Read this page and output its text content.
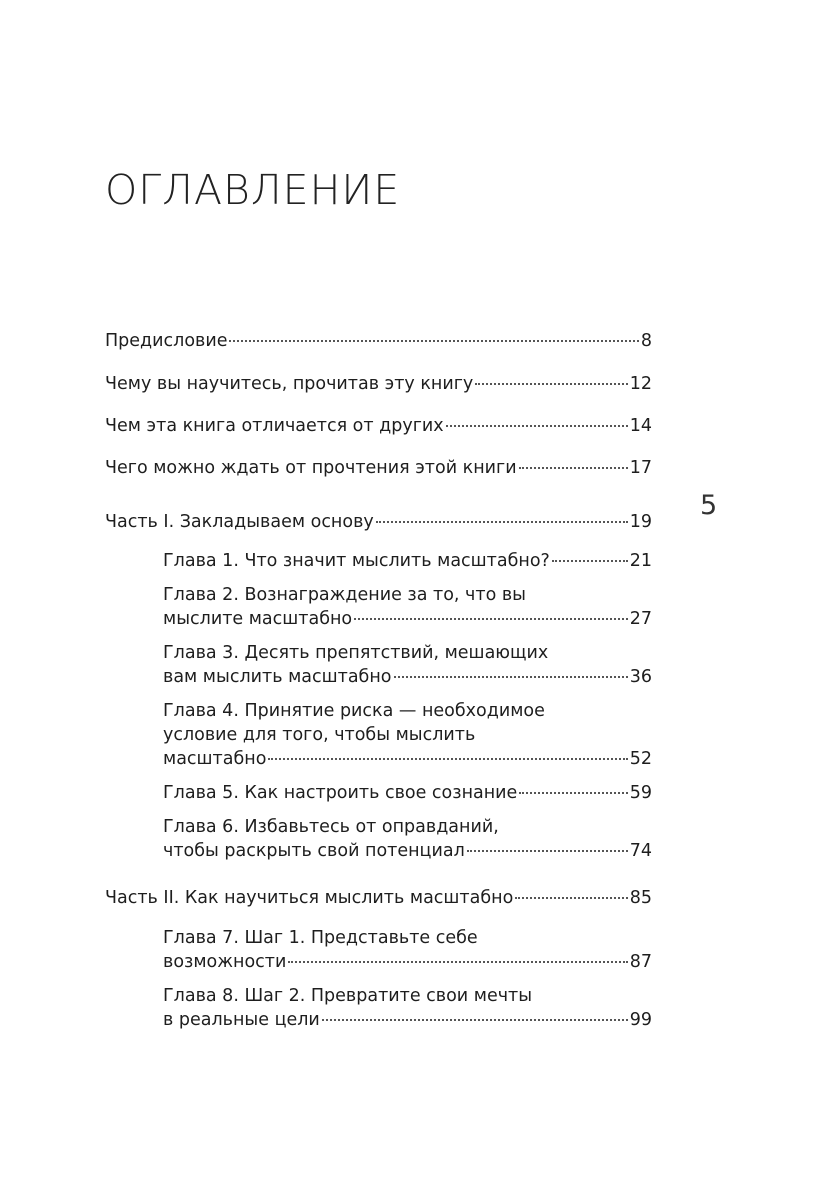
ОГЛАВЛЕНИЕ
5
Предисловие	8
Чему вы научитесь, прочитав эту книгу	12
Чем эта книга отличается от других	14
Чего можно ждать от прочтения этой книги	17
Часть I. Закладываем основу	19
Глава 1. Что значит мыслить масштабно?	21
Глава 2. Вознаграждение за то, что вы
мыслите масштабно	27
Глава 3. Десять препятствий, мешающих
вам мыслить масштабно	36
Глава 4. Принятие риска — необходимое
условие для того, чтобы мыслить
масштабно	52
Глава 5. Как настроить свое сознание	59
Глава 6. Избавьтесь от оправданий,
чтобы раскрыть свой потенциал	74
Часть II. Как научиться мыслить масштабно	85
Глава 7. Шаг 1. Представьте себе
возможности	87
Глава 8. Шаг 2. Превратите свои мечты
в реальные цели	99
